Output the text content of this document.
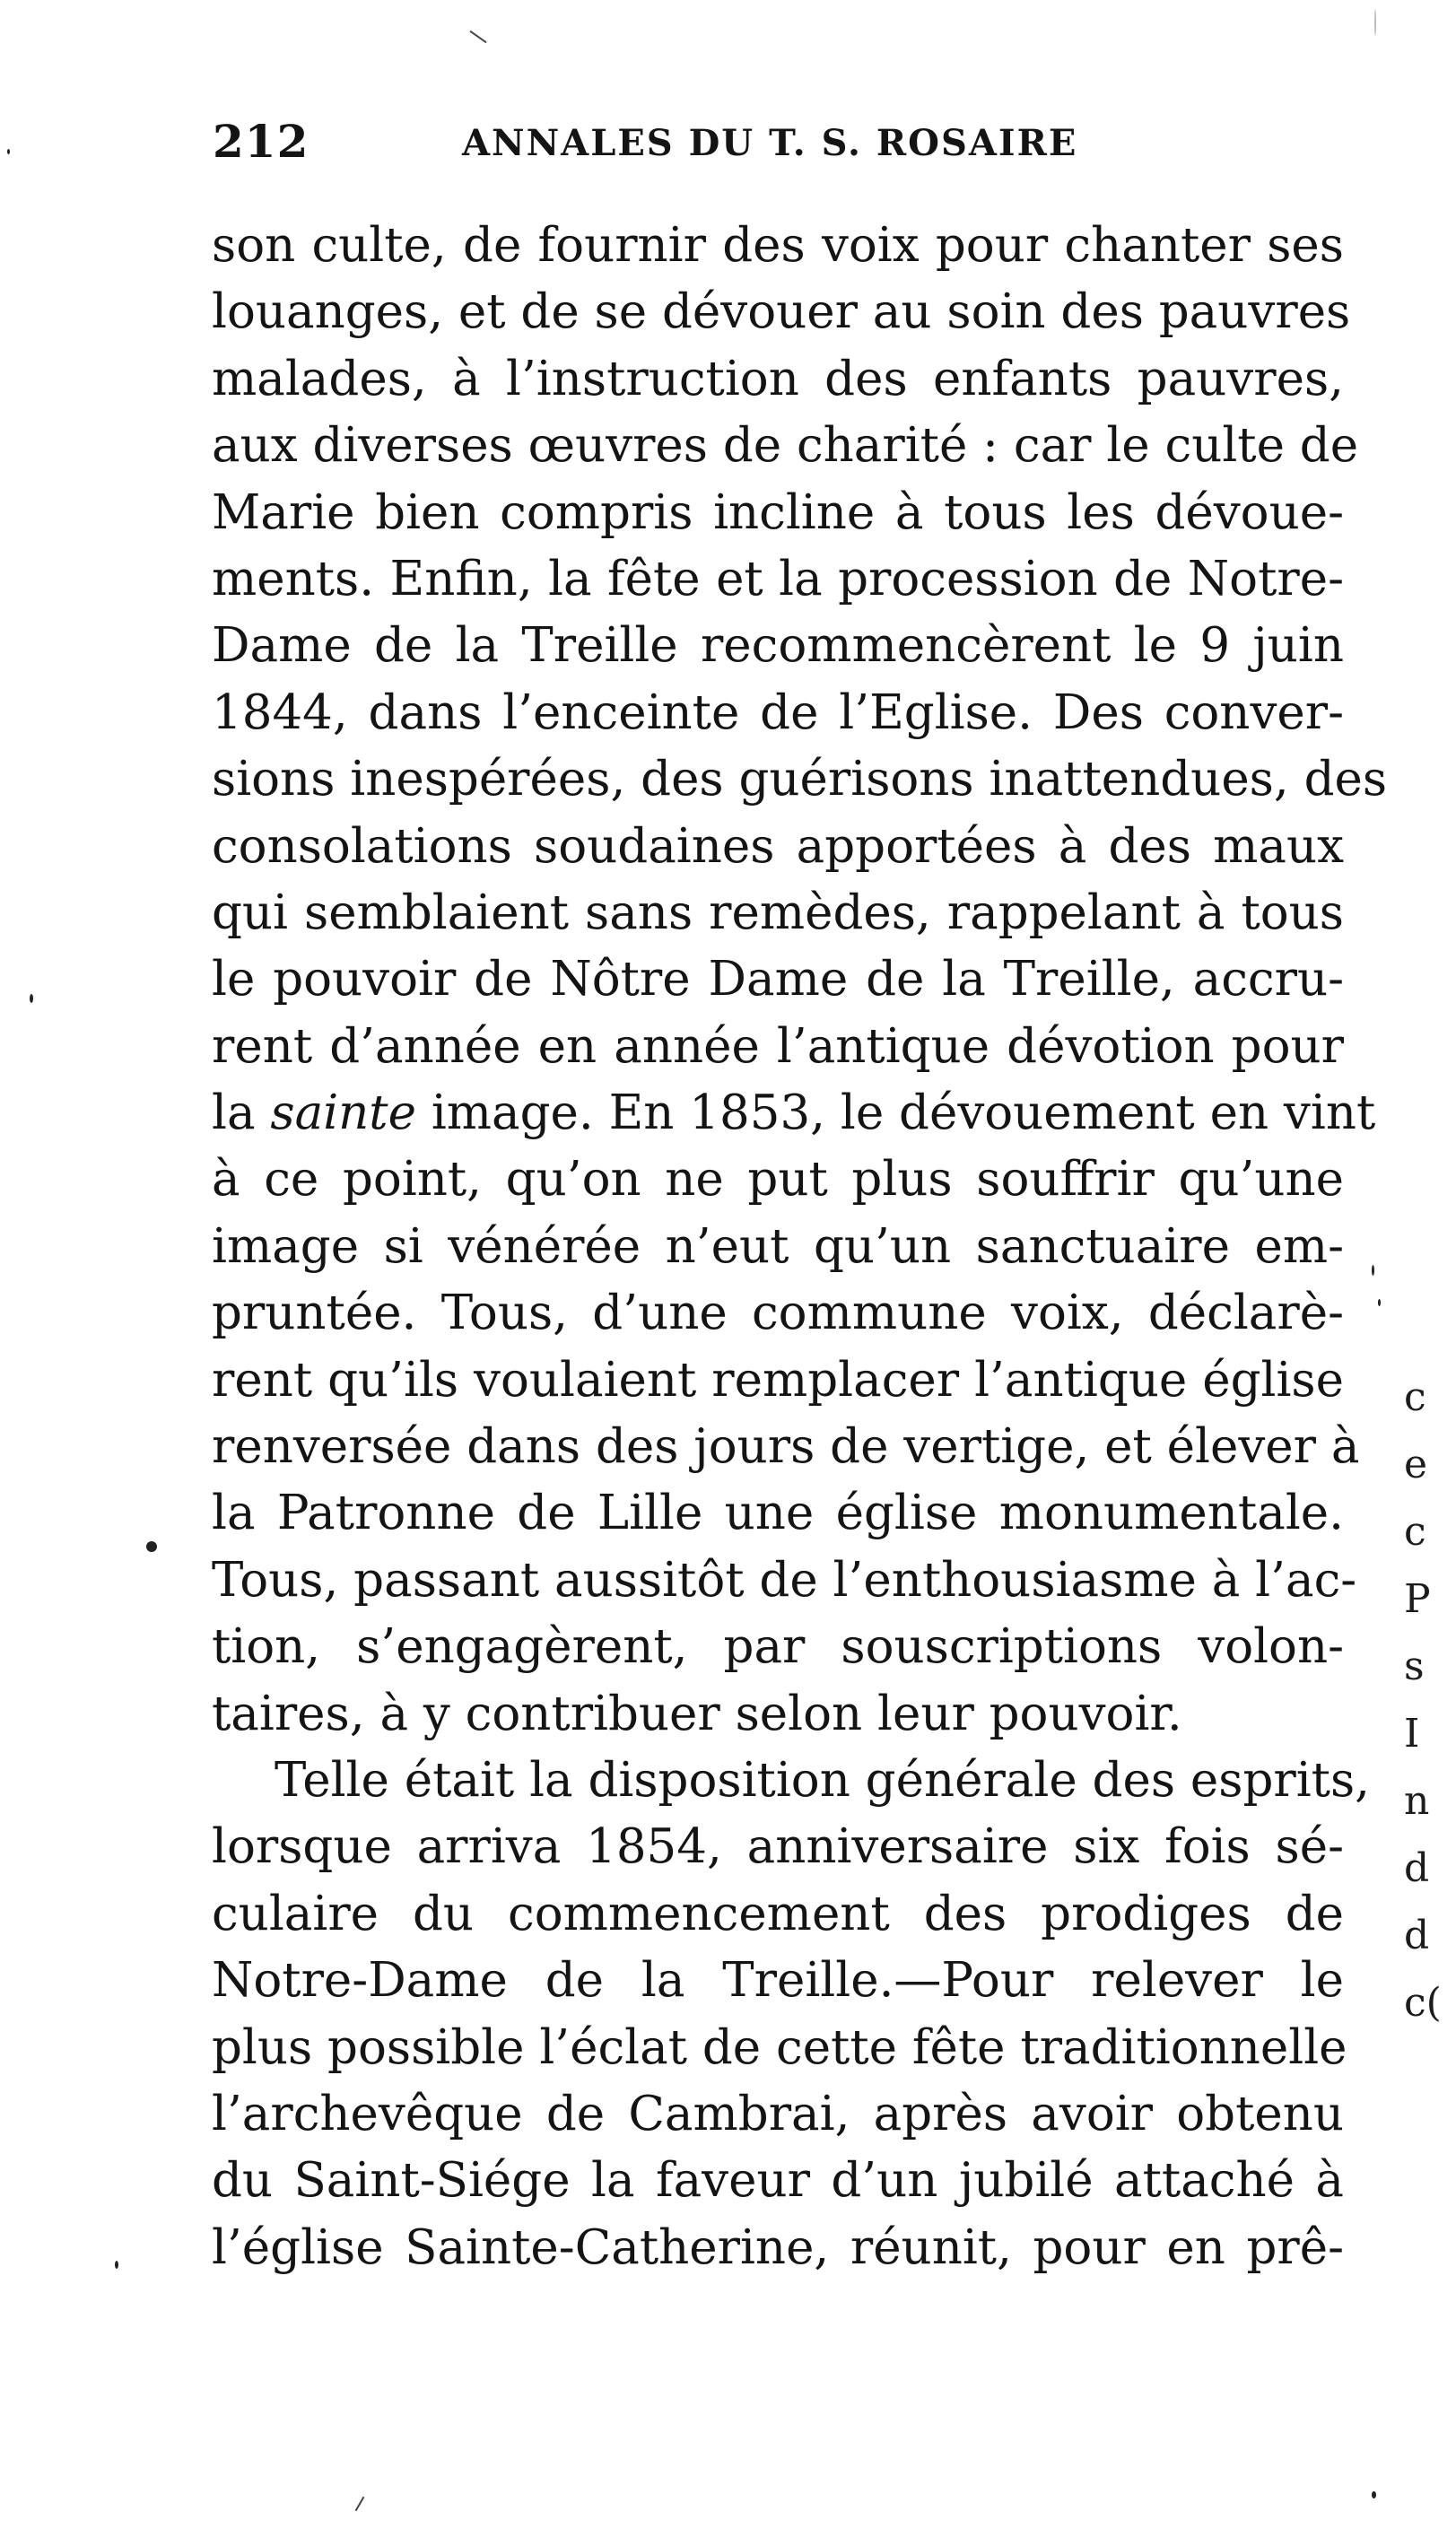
212	ANNALES DU T. S. ROSAIRE
son culte, de fournir des voix pour chanter ses
louanges, et de se dévouer au soin des pauvres
malades, à l’instruction des enfants pauvres,
aux diverses œuvres de charité : car le culte de
Marie bien compris incline à tous les dévoue-
ments. Enfin, la fête et la procession de Notre-
Dame de la Treille recommencèrent le 9 juin
1844, dans l’enceinte de l’Eglise. Des conver-
sions inespérées, des guérisons inattendues, des
consolations soudaines apportées à des maux
qui semblaient sans remèdes, rappelant à tous
le pouvoir de Nôtre Dame de la Treille, accru-
rent d’année en année l’antique dévotion pour
la sainte image. En 1853, le dévouement en vint
à ce point, qu’on ne put plus souffrir qu’une
image si vénérée n’eut qu’un sanctuaire em-
pruntée. Tous, d’une commune voix, déclarè-
rent qu’ils voulaient remplacer l’antique église
renversée dans des jours de vertige, et élever à
la Patronne de Lille une église monumentale.
Tous, passant aussitôt de l’enthousiasme à l’ac-
tion, s’engagèrent, par souscriptions volon-
taires, à y contribuer selon leur pouvoir.
Telle était la disposition générale des esprits,
lorsque arriva 1854, anniversaire six fois sé-
culaire du commencement des prodiges de
Notre-Dame de la Treille.—Pour relever le
plus possible l’éclat de cette fête traditionnelle
l’archevêque de Cambrai, après avoir obtenu
du Saint-Siége la faveur d’un jubilé attaché à
l’église Sainte-Catherine, réunit, pour en prê-
c
e
c
P
s
I
n
d
d
c(
